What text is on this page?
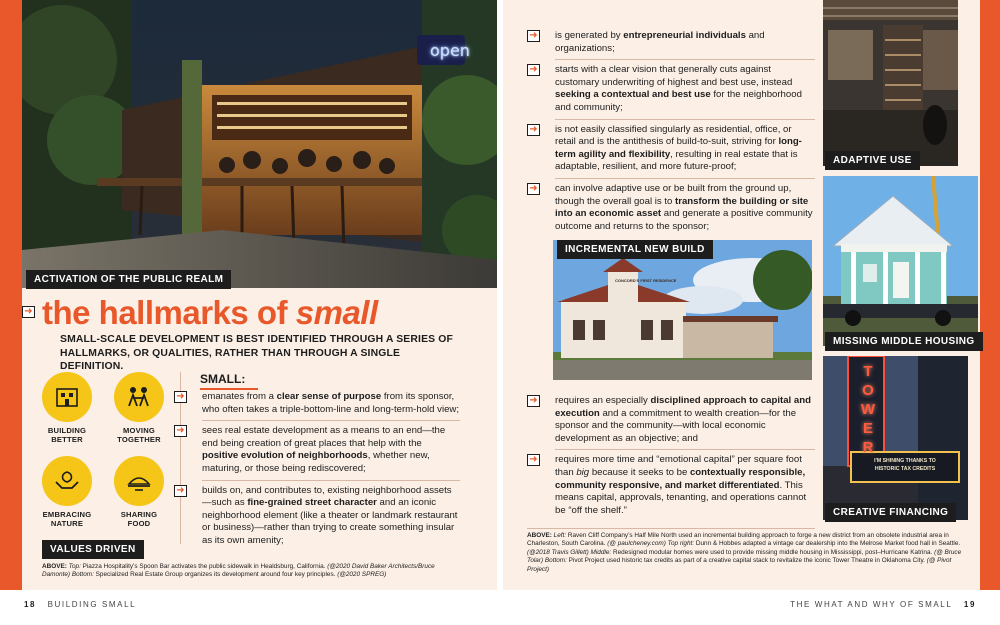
open
ACTIVATION OF THE PUBLIC REALM
➜ the hallmarks of small

SMALL-SCALE DEVELOPMENT IS BEST IDENTIFIED THROUGH A SERIES OF HALLMARKS, OR QUALITIES, RATHER THAN THROUGH A SINGLE DEFINITION.

BUILDING
BETTER
MOVING
TOGETHER
EMBRACING
NATURE
SHARING
FOOD
VALUES DRIVEN
SMALL:
➜ emanates from a clear sense of purpose from its sponsor, who often takes a triple-bottom-line and long-term-hold view;
➜ sees real estate development as a means to an end—the end being creation of great places that help with the positive evolution of neighborhoods, whether new, maturing, or those being rediscovered;
➜ builds on, and contributes to, existing neighborhood assets—such as fine-grained street character and an iconic neighborhood element (like a theater or landmark restaurant or business)—rather than trying to create something insular as its own amenity;
ABOVE: Top: Piazza Hospitality’s Spoon Bar activates the public sidewalk in Healdsburg, California. (@2020 David Baker Architects/Bruce Damonte) Bottom: Specialized Real Estate Group organizes its development around four key principles. (@2020 SPREG)
➜ is generated by entrepreneurial individuals and organizations;
➜ starts with a clear vision that generally cuts against customary underwriting of highest and best use, instead seeking a contextual and best use for the neighborhood and community;
➜ is not easily classified singularly as residential, office, or retail and is the antithesis of build-to-suit, striving for long-term agility and flexibility, resulting in real estate that is adaptable, resilient, and more future-proof;
➜ can involve adaptive use or be built from the ground up, though the overall goal is to transform the building or site into an economic asset and generate a positive community outcome and returns to the sponsor;
CONCORD'S FIRST RESIDENCE
INCREMENTAL NEW BUILD
➜ requires an especially disciplined approach to capital and execution and a commitment to wealth creation—for the sponsor and the community—with local economic development as an objective; and
➜ requires more time and “emotional capital” per square foot than big because it seeks to be contextually responsible, community responsive, and market differentiated. This means capital, approvals, tenanting, and operations cannot be “off the shelf.”
ABOVE: Left: Raven Cliff Company’s Half Mile North used an incremental building approach to forge a new district from an obsolete industrial area in Charleston, South Carolina. (@ paulcheney.com) Top right: Dunn & Hobbes adapted a vintage car dealership into the Melrose Market food hall in Seattle. (@2018 Travis Gillett) Middle: Redesigned modular homes were used to provide missing middle housing in Mississippi, post–Hurricane Katrina. (@ Bruce Tolar) Bottom: Pivot Project used historic tax credits as part of a creative capital stack to revitalize the iconic Tower Theatre in Oklahoma City. (@ Pivot Project)
ADAPTIVE USE
MISSING MIDDLE HOUSING
T
O
W
E
R
I'M SHINING THANKS TO
HISTORIC TAX CREDITS
CREATIVE FINANCING
18 BUILDING SMALL	THE WHAT AND WHY OF SMALL 19
